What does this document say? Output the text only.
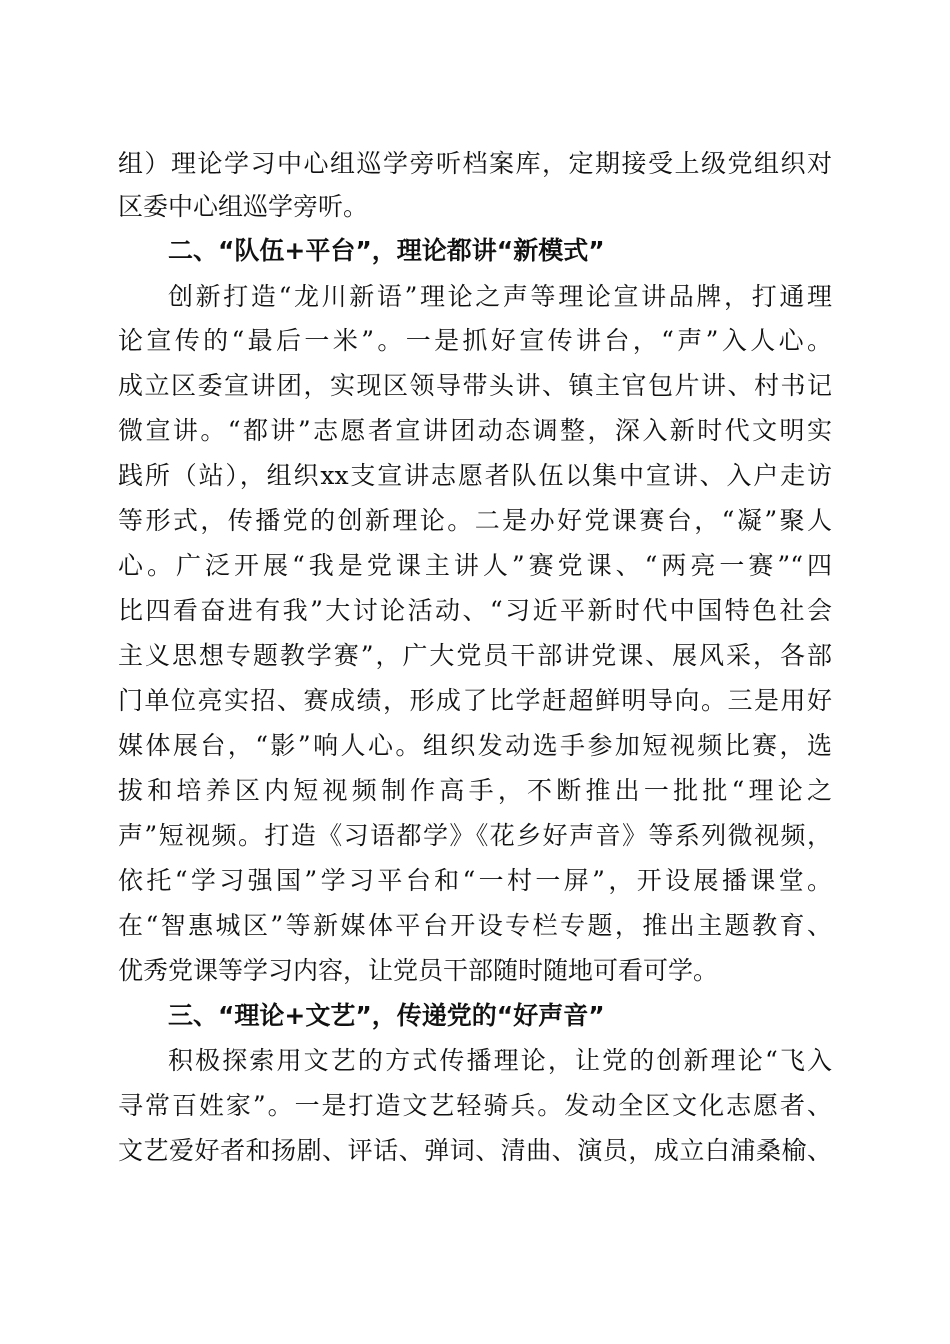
组）理论学习中心组巡学旁听档案库，定期接受上级党组织对
区委中心组巡学旁听。
二、“队伍+平台”，理论都讲“新模式”
创新打造“龙川新语”理论之声等理论宣讲品牌，打通理
论宣传的“最后一米”。一是抓好宣传讲台，“声”入人心。
成立区委宣讲团，实现区领导带头讲、镇主官包片讲、村书记
微宣讲。“都讲”志愿者宣讲团动态调整，深入新时代文明实
践所（站），组织xx支宣讲志愿者队伍以集中宣讲、入户走访
等形式，传播党的创新理论。二是办好党课赛台，“凝”聚人
心。广泛开展“我是党课主讲人”赛党课、“两亮一赛”“四
比四看奋进有我”大讨论活动、“习近平新时代中国特色社会
主义思想专题教学赛”，广大党员干部讲党课、展风采，各部
门单位亮实招、赛成绩，形成了比学赶超鲜明导向。三是用好
媒体展台，“影”响人心。组织发动选手参加短视频比赛，选
拔和培养区内短视频制作高手，不断推出一批批“理论之
声”短视频。打造《习语都学》《花乡好声音》等系列微视频，
依托“学习强国”学习平台和“一村一屏”，开设展播课堂。
在“智惠城区”等新媒体平台开设专栏专题，推出主题教育、
优秀党课等学习内容，让党员干部随时随地可看可学。
三、“理论+文艺”，传递党的“好声音”
积极探索用文艺的方式传播理论，让党的创新理论“飞入
寻常百姓家”。一是打造文艺轻骑兵。发动全区文化志愿者、
文艺爱好者和扬剧、评话、弹词、清曲、演员，成立白浦桑榆、
